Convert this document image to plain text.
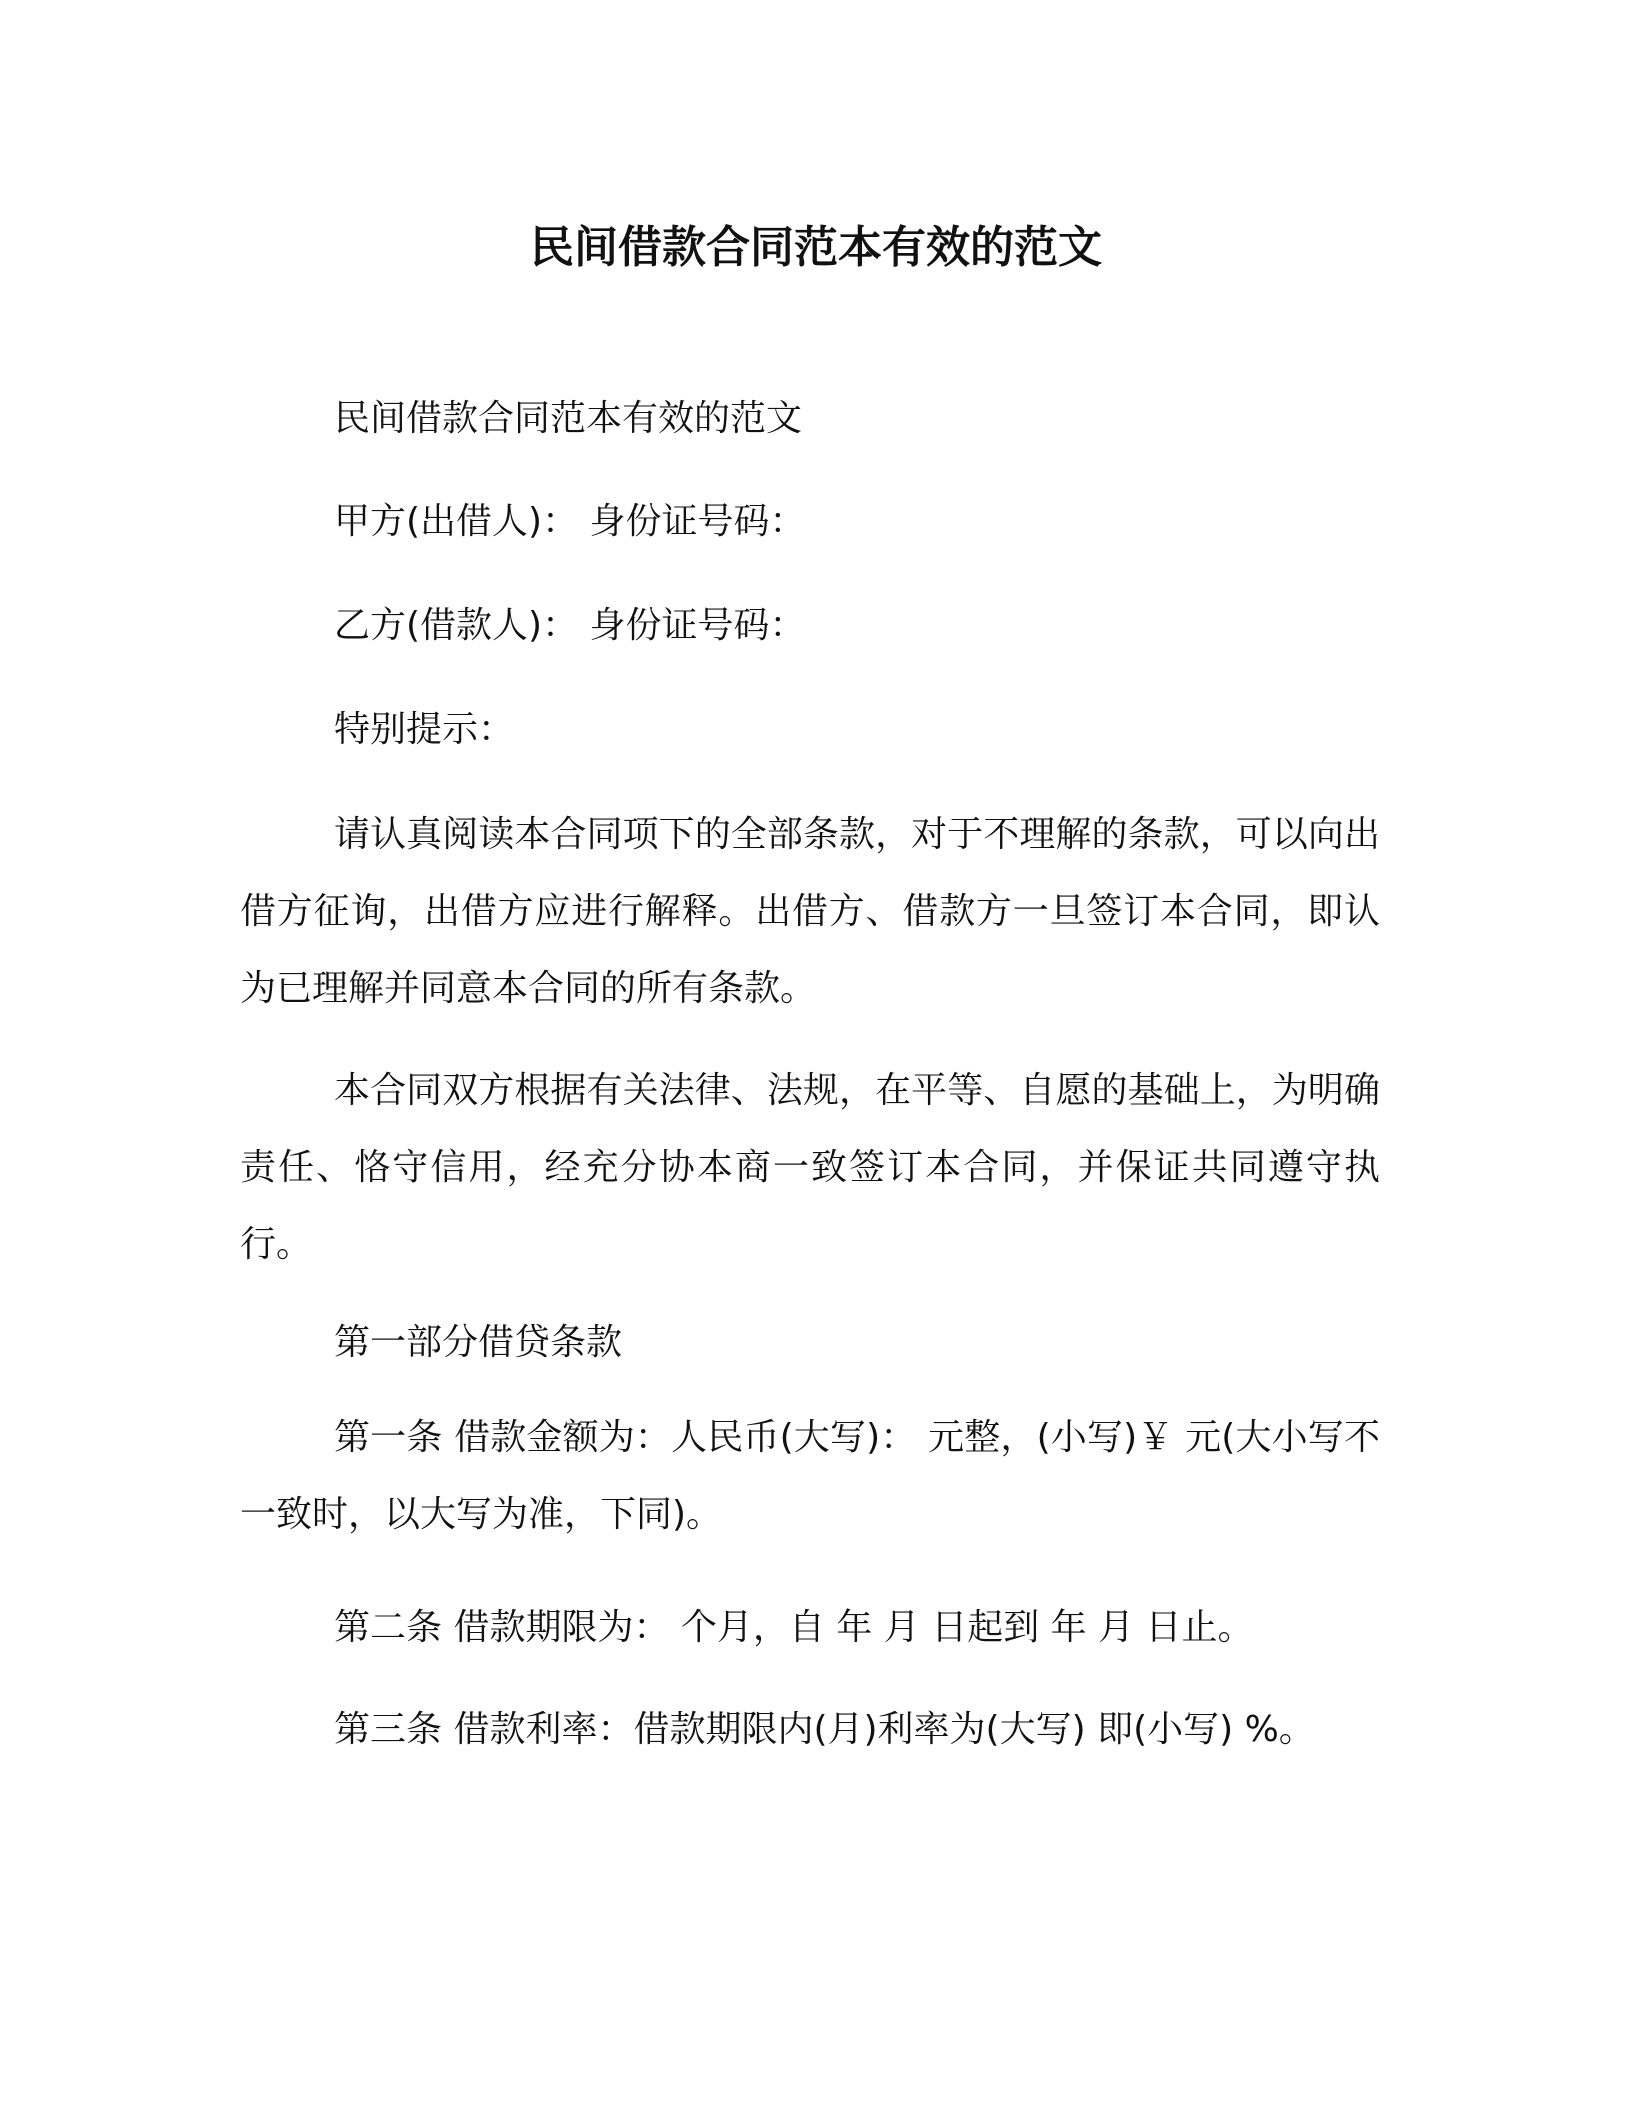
民间借款合同范本有效的范文
民间借款合同范本有效的范文
甲方(出借人)： 身份证号码：
乙方(借款人)： 身份证号码：
特别提示：
请认真阅读本合同项下的全部条款，对于不理解的条款，可以向出借方征询，出借方应进行解释。出借方、借款方一旦签订本合同，即认为已理解并同意本合同的所有条款。
本合同双方根据有关法律、法规，在平等、自愿的基础上，为明确责任、恪守信用，经充分协本商一致签订本合同，并保证共同遵守执行。
第一部分借贷条款
第一条 借款金额为：人民币(大写)： 元整，(小写)￥ 元(大小写不一致时，以大写为准，下同)。
第二条 借款期限为： 个月，自 年 月 日起到 年 月 日止。
第三条 借款利率：借款期限内(月)利率为(大写) 即(小写) %。
